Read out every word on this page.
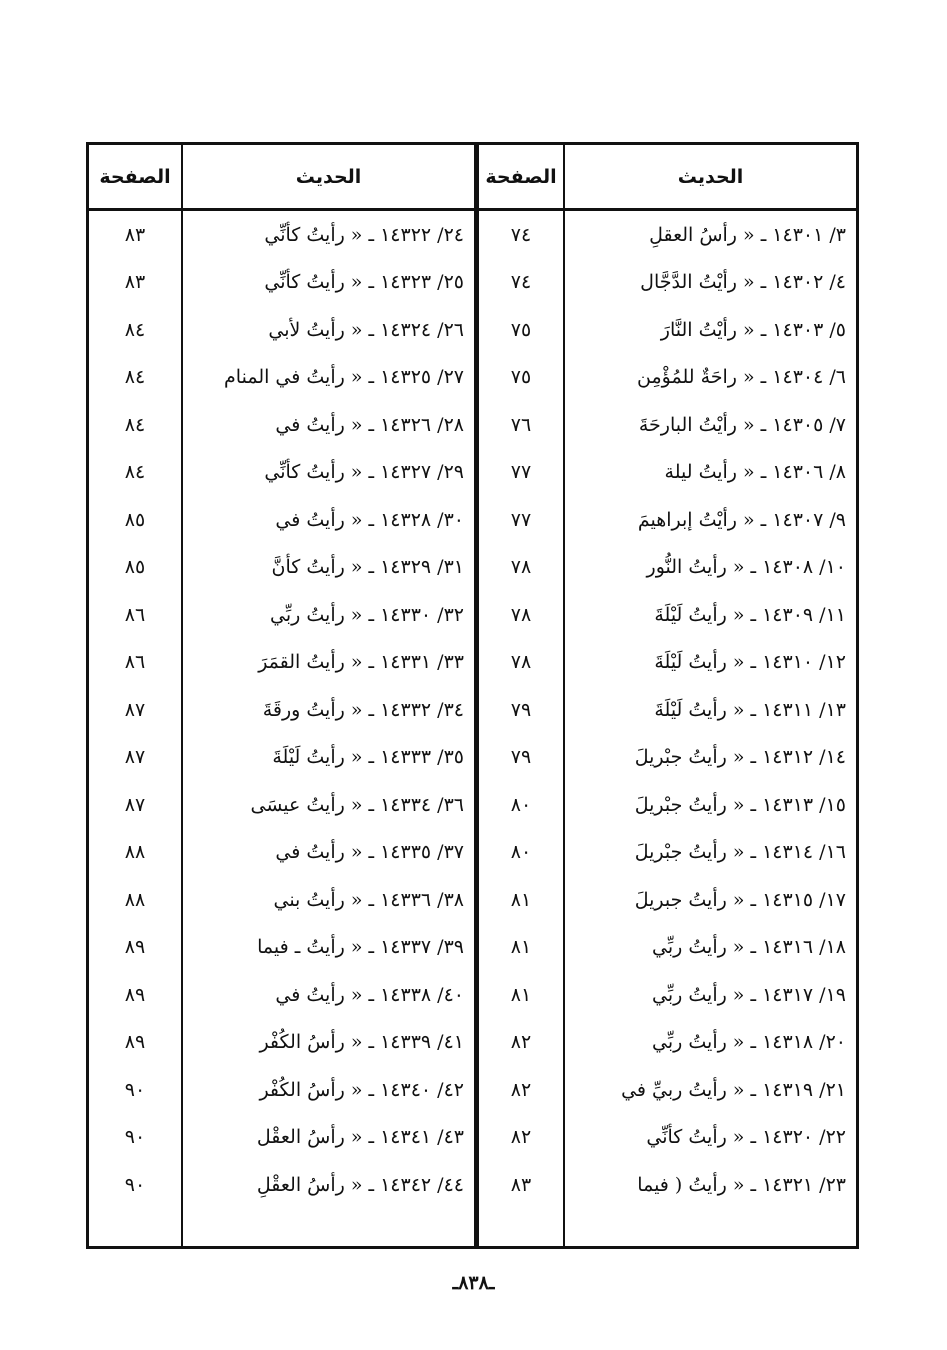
الصفحة	الحديث	الصفحة	الحديث
٨٣	٢٤/ ١٤٣٢٢ ـ « رأيتُ كأنِّي	٧٤	٣/ ١٤٣٠١ ـ « رأسُ العقلِ
٨٣	٢٥/ ١٤٣٢٣ ـ « رأيتُ كأنِّي	٧٤	٤/ ١٤٣٠٢ ـ « رأيْتُ الدَّجَّال
٨٤	٢٦/ ١٤٣٢٤ ـ « رأيتُ لأبي	٧٥	٥/ ١٤٣٠٣ ـ « رأيْتُ النَّارَ
٨٤	٢٧/ ١٤٣٢٥ ـ « رأيتُ في المنام	٧٥	٦/ ١٤٣٠٤ ـ « راحَةٌ للمُؤْمِن
٨٤	٢٨/ ١٤٣٢٦ ـ « رأيتُ في	٧٦	٧/ ١٤٣٠٥ ـ « رأيْتُ البارحَةَ
٨٤	٢٩/ ١٤٣٢٧ ـ « رأيتُ كأنِّي	٧٧	٨/ ١٤٣٠٦ ـ « رأيتُ ليلة
٨٥	٣٠/ ١٤٣٢٨ ـ « رأيتُ في	٧٧	٩/ ١٤٣٠٧ ـ « رأيْتُ إبراهيمَ
٨٥	٣١/ ١٤٣٢٩ ـ « رأيتُ كأنَّ	٧٨	١٠/ ١٤٣٠٨ ـ « رأيتُ النُّور
٨٦	٣٢/ ١٤٣٣٠ ـ « رأيتُ ربِّي	٧٨	١١/ ١٤٣٠٩ ـ « رأيتُ لَيْلَةَ
٨٦	٣٣/ ١٤٣٣١ ـ « رأيتُ القمَرَ	٧٨	١٢/ ١٤٣١٠ ـ « رأيتُ لَيْلَةَ
٨٧	٣٤/ ١٤٣٣٢ ـ « رأيتُ ورقَةَ	٧٩	١٣/ ١٤٣١١ ـ « رأيتُ لَيْلَةَ
٨٧	٣٥/ ١٤٣٣٣ ـ « رأيتُ لَيْلَةَ	٧٩	١٤/ ١٤٣١٢ ـ « رأيتُ جبْريلَ
٨٧	٣٦/ ١٤٣٣٤ ـ « رأيتُ عيسَى	٨٠	١٥/ ١٤٣١٣ ـ « رأيتُ جبْريلَ
٨٨	٣٧/ ١٤٣٣٥ ـ « رأيتُ في	٨٠	١٦/ ١٤٣١٤ ـ « رأيتُ جبْريلَ
٨٨	٣٨/ ١٤٣٣٦ ـ « رأيتُ بني	٨١	١٧/ ١٤٣١٥ ـ « رأيتُ جبريلَ
٨٩	٣٩/ ١٤٣٣٧ ـ « رأيتُ ـ فيما	٨١	١٨/ ١٤٣١٦ ـ « رأيتُ ربِّي
٨٩	٤٠/ ١٤٣٣٨ ـ « رأيتُ في	٨١	١٩/ ١٤٣١٧ ـ « رأيتُ ربِّي
٨٩	٤١/ ١٤٣٣٩ ـ « رأسُ الكُفْر	٨٢	٢٠/ ١٤٣١٨ ـ « رأيتُ ربِّي
٩٠	٤٢/ ١٤٣٤٠ ـ « رأسُ الكُفْر	٨٢	٢١/ ١٤٣١٩ ـ « رأيتُ ربيِّ في
٩٠	٤٣/ ١٤٣٤١ ـ « رأسُ العقْل	٨٢	٢٢/ ١٤٣٢٠ ـ « رأيتُ كأنِّي
٩٠	٤٤/ ١٤٣٤٢ ـ « رأسُ العقْلِ	٨٣	٢٣/ ١٤٣٢١ ـ « رأيتُ ( فيما
ـ٨٣٨ـ
